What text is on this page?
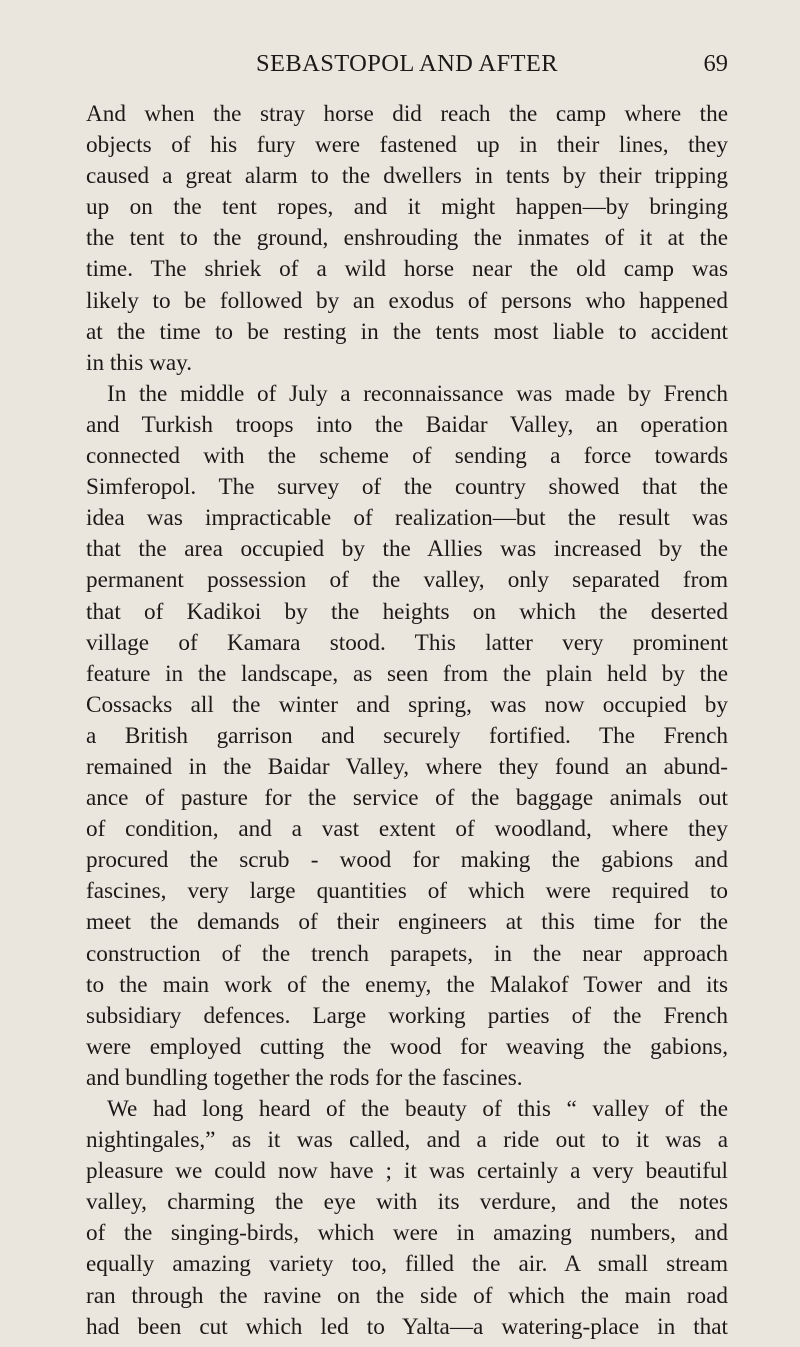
SEBASTOPOL AND AFTER	69
And when the stray horse did reach the camp where the
objects of his fury were fastened up in their lines, they
caused a great alarm to the dwellers in tents by their tripping
up on the tent ropes, and it might happen—by bringing
the tent to the ground, enshrouding the inmates of it at the
time. The shriek of a wild horse near the old camp was
likely to be followed by an exodus of persons who happened
at the time to be resting in the tents most liable to accident
in this way.
In the middle of July a reconnaissance was made by French
and Turkish troops into the Baidar Valley, an operation
connected with the scheme of sending a force towards
Simferopol. The survey of the country showed that the
idea was impracticable of realization—but the result was
that the area occupied by the Allies was increased by the
permanent possession of the valley, only separated from
that of Kadikoi by the heights on which the deserted
village of Kamara stood. This latter very prominent
feature in the landscape, as seen from the plain held by the
Cossacks all the winter and spring, was now occupied by
a British garrison and securely fortified. The French
remained in the Baidar Valley, where they found an abund-
ance of pasture for the service of the baggage animals out
of condition, and a vast extent of woodland, where they
procured the scrub - wood for making the gabions and
fascines, very large quantities of which were required to
meet the demands of their engineers at this time for the
construction of the trench parapets, in the near approach
to the main work of the enemy, the Malakof Tower and its
subsidiary defences. Large working parties of the French
were employed cutting the wood for weaving the gabions,
and bundling together the rods for the fascines.
We had long heard of the beauty of this “ valley of the
nightingales,” as it was called, and a ride out to it was a
pleasure we could now have ; it was certainly a very beautiful
valley, charming the eye with its verdure, and the notes
of the singing-birds, which were in amazing numbers, and
equally amazing variety too, filled the air. A small stream
ran through the ravine on the side of which the main road
had been cut which led to Yalta—a watering-place in that
